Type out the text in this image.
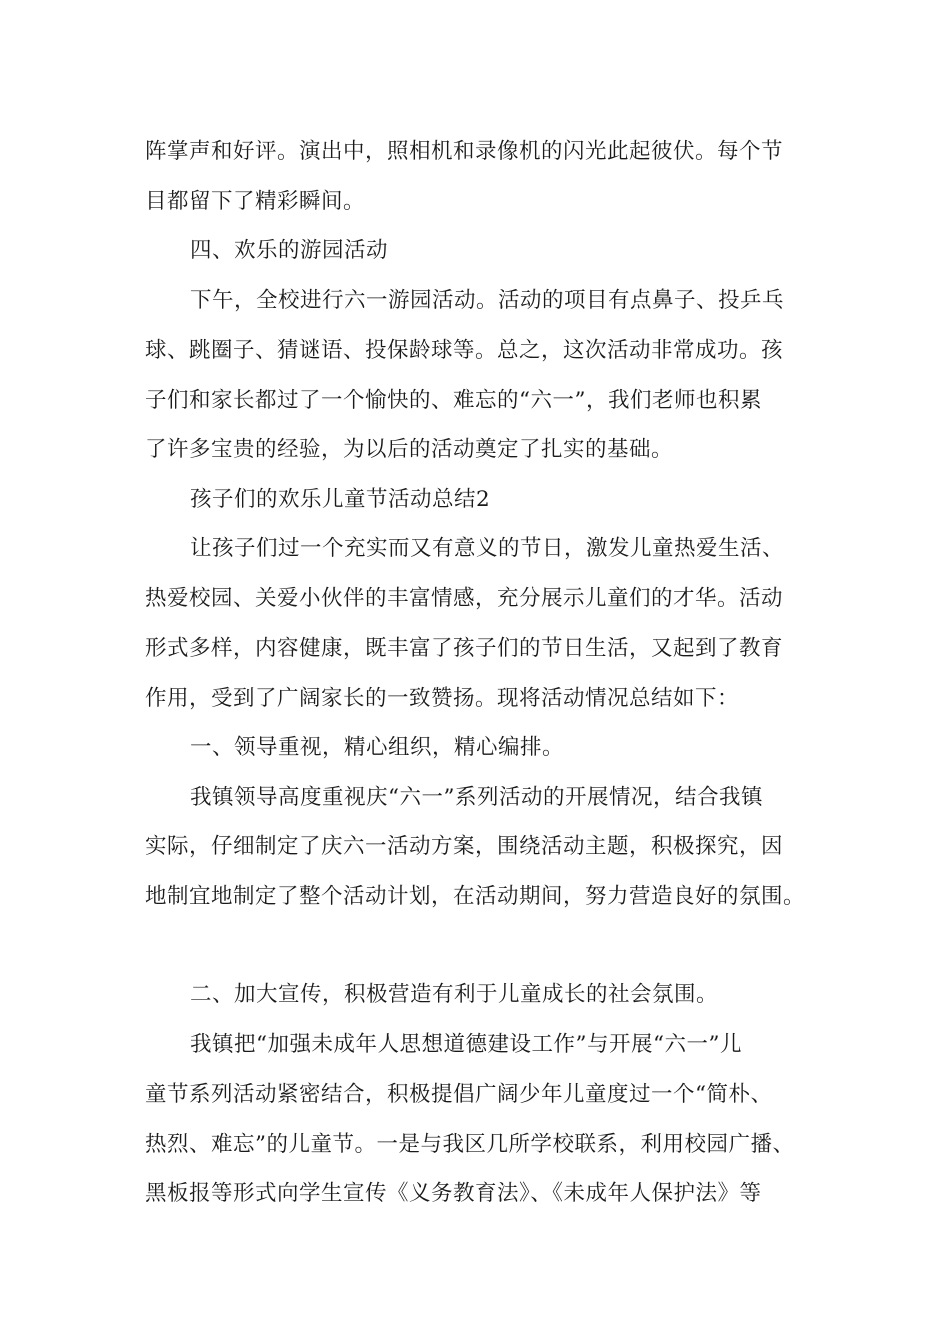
阵掌声和好评。演出中，照相机和录像机的闪光此起彼伏。每个节

目都留下了精彩瞬间。

四、欢乐的游园活动

下午，全校进行六一游园活动。活动的项目有点鼻子、投乒乓

球、跳圈子、猜谜语、投保龄球等。总之，这次活动非常成功。孩

子们和家长都过了一个愉快的、难忘的“六一”，我们老师也积累

了许多宝贵的经验，为以后的活动奠定了扎实的基础。

孩子们的欢乐儿童节活动总结2

让孩子们过一个充实而又有意义的节日，激发儿童热爱生活、

热爱校园、关爱小伙伴的丰富情感，充分展示儿童们的才华。活动

形式多样，内容健康，既丰富了孩子们的节日生活，又起到了教育

作用，受到了广阔家长的一致赞扬。现将活动情况总结如下：

一、领导重视，精心组织，精心编排。

我镇领导高度重视庆“六一”系列活动的开展情况，结合我镇

实际，仔细制定了庆六一活动方案，围绕活动主题，积极探究，因

地制宜地制定了整个活动计划，在活动期间，努力营造良好的氛围。

二、加大宣传，积极营造有利于儿童成长的社会氛围。

我镇把“加强未成年人思想道德建设工作”与开展“六一”儿

童节系列活动紧密结合，积极提倡广阔少年儿童度过一个“简朴、

热烈、难忘”的儿童节。一是与我区几所学校联系，利用校园广播、

黑板报等形式向学生宣传《义务教育法》、《未成年人保护法》等
